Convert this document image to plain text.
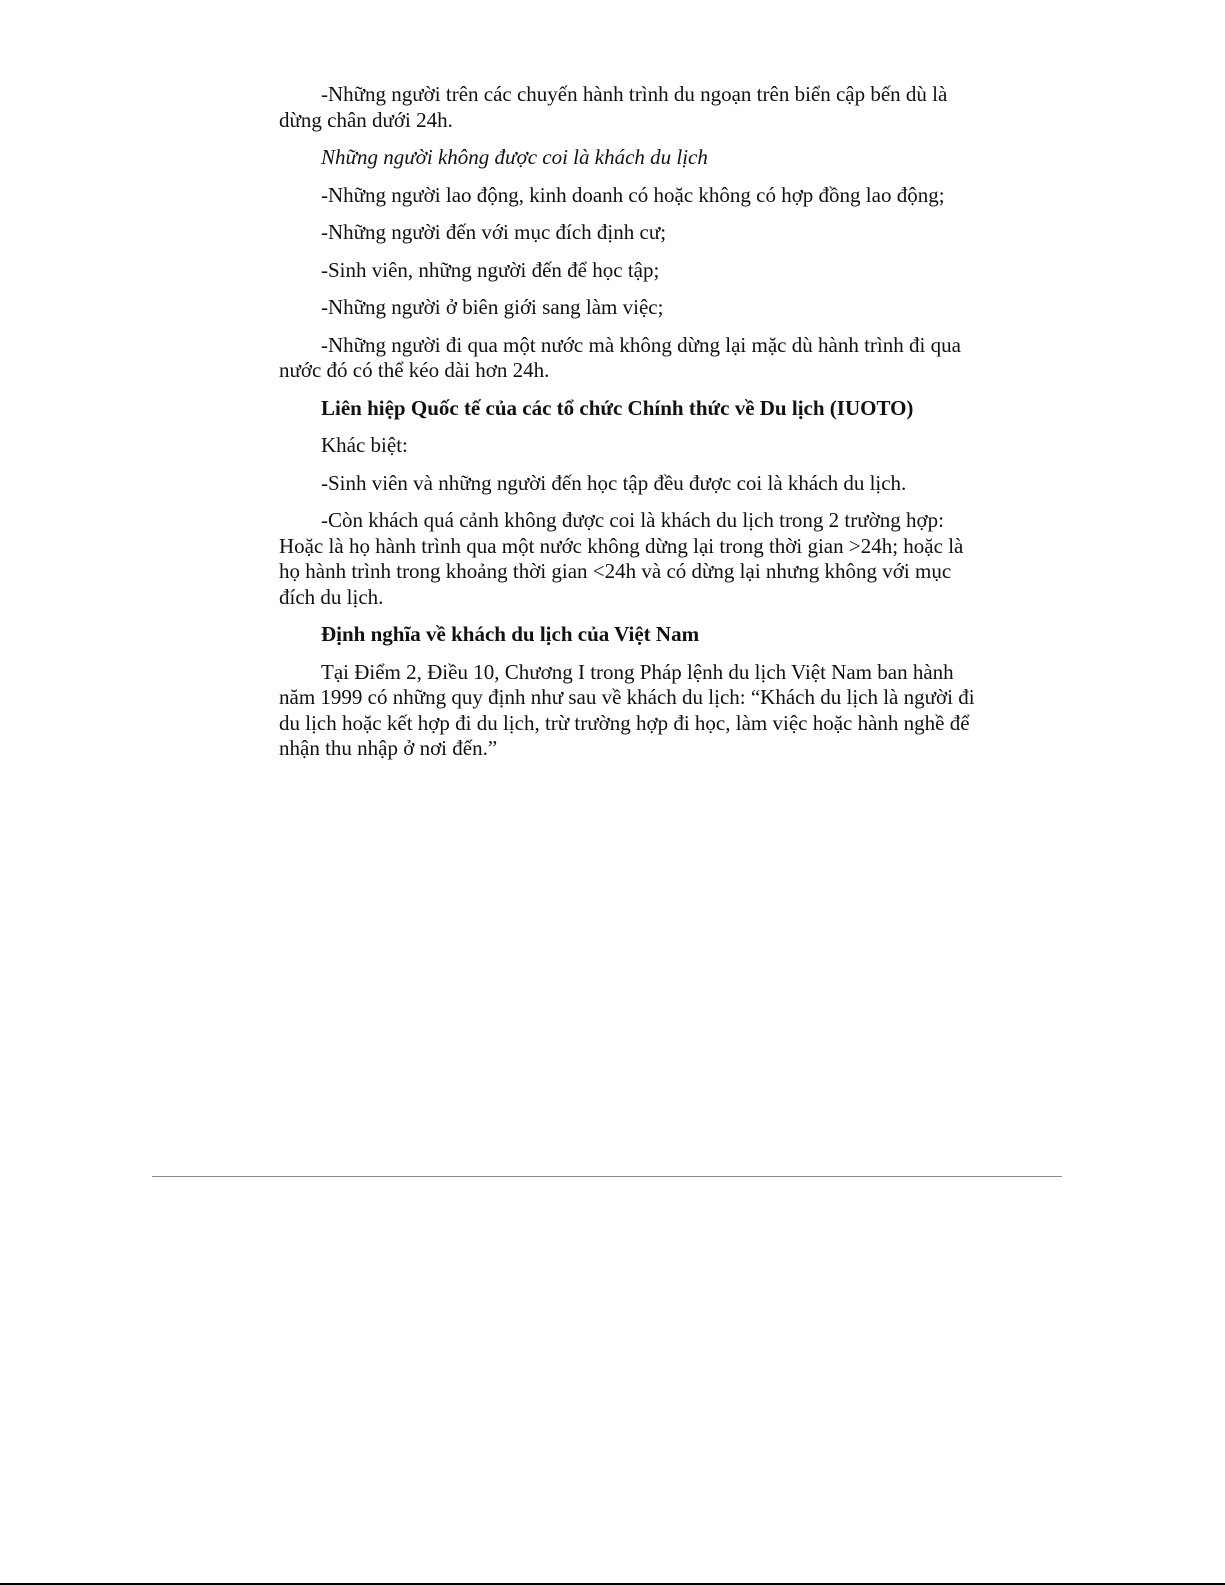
-Những người trên các chuyến hành trình du ngoạn trên biển cập bến dù là dừng chân dưới 24h.

Những người không được coi là khách du lịch

-Những người lao động, kinh doanh có hoặc không có hợp đồng lao động;

-Những người đến với mục đích định cư;

-Sinh viên, những người đến để học tập;

-Những người ở biên giới sang làm việc;

-Những người đi qua một nước mà không dừng lại mặc dù hành trình đi qua nước đó có thể kéo dài hơn 24h.

Liên hiệp Quốc tế của các tổ chức Chính thức về Du lịch (IUOTO)

Khác biệt:

-Sinh viên và những người đến học tập đều được coi là khách du lịch.

-Còn khách quá cảnh không được coi là khách du lịch trong 2 trường hợp: Hoặc là họ hành trình qua một nước không dừng lại trong thời gian >24h; hoặc là họ hành trình trong khoảng thời gian <24h và có dừng lại nhưng không với mục đích du lịch.

Định nghĩa về khách du lịch của Việt Nam

Tại Điểm 2, Điều 10, Chương I trong Pháp lệnh du lịch Việt Nam ban hành năm 1999 có những quy định như sau về khách du lịch: “Khách du lịch là người đi du lịch hoặc kết hợp đi du lịch, trừ trường hợp đi học, làm việc hoặc hành nghề để nhận thu nhập ở nơi đến.”
